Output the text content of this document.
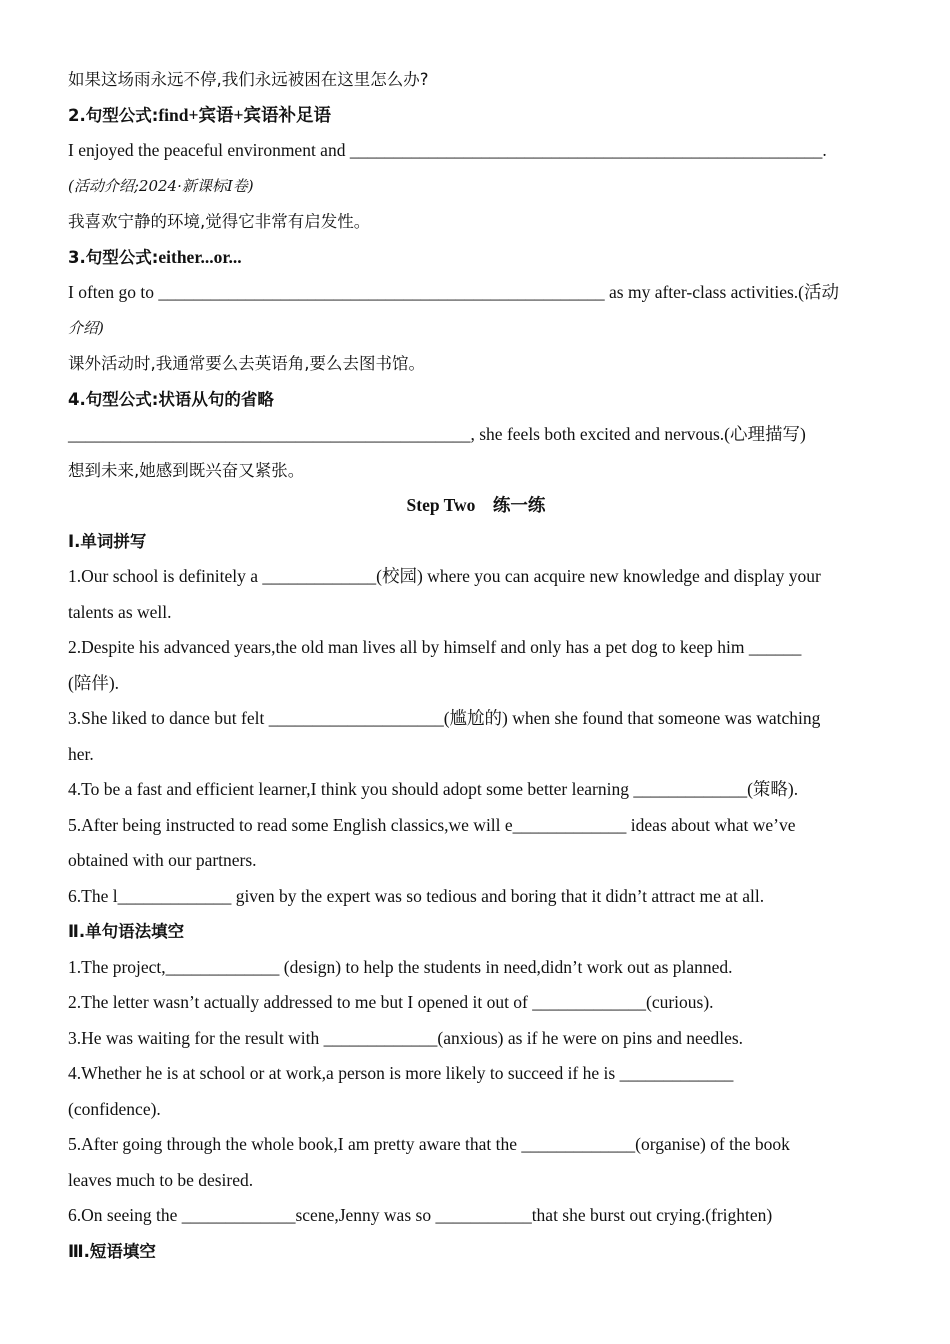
如果这场雨永远不停,我们永远被困在这里怎么办?
2.句型公式:find+宾语+宾语补足语
I enjoyed the peaceful environment and ______________________________________________________.
(活动介绍;2024·新课标Ⅰ卷)
我喜欢宁静的环境,觉得它非常有启发性。
3.句型公式:either...or...
I often go to ___________________________________________________ as my after-class activities.(活动
介绍)
课外活动时,我通常要么去英语角,要么去图书馆。
4.句型公式:状语从句的省略
______________________________________________, she feels both excited and nervous.(心理描写)
想到未来,她感到既兴奋又紧张。
Step Two　练一练
Ⅰ.单词拼写
1.Our school is definitely a _____________(校园) where you can acquire new knowledge and display your
talents as well.
2.Despite his advanced years,the old man lives all by himself and only has a pet dog to keep him ______
(陪伴).
3.She liked to dance but felt ____________________(尴尬的) when she found that someone was watching
her.
4.To be a fast and efficient learner,I think you should adopt some better learning _____________(策略).
5.After being instructed to read some English classics,we will e_____________ ideas about what we’ve
obtained with our partners.
6.The l_____________ given by the expert was so tedious and boring that it didn’t attract me at all.
Ⅱ.单句语法填空
1.The project,_____________ (design) to help the students in need,didn’t work out as planned.
2.The letter wasn’t actually addressed to me but I opened it out of _____________(curious).
3.He was waiting for the result with _____________(anxious) as if he were on pins and needles.
4.Whether he is at school or at work,a person is more likely to succeed if he is _____________
(confidence).
5.After going through the whole book,I am pretty aware that the _____________(organise) of the book
leaves much to be desired.
6.On seeing the _____________scene,Jenny was so ___________that she burst out crying.(frighten)
Ⅲ.短语填空
